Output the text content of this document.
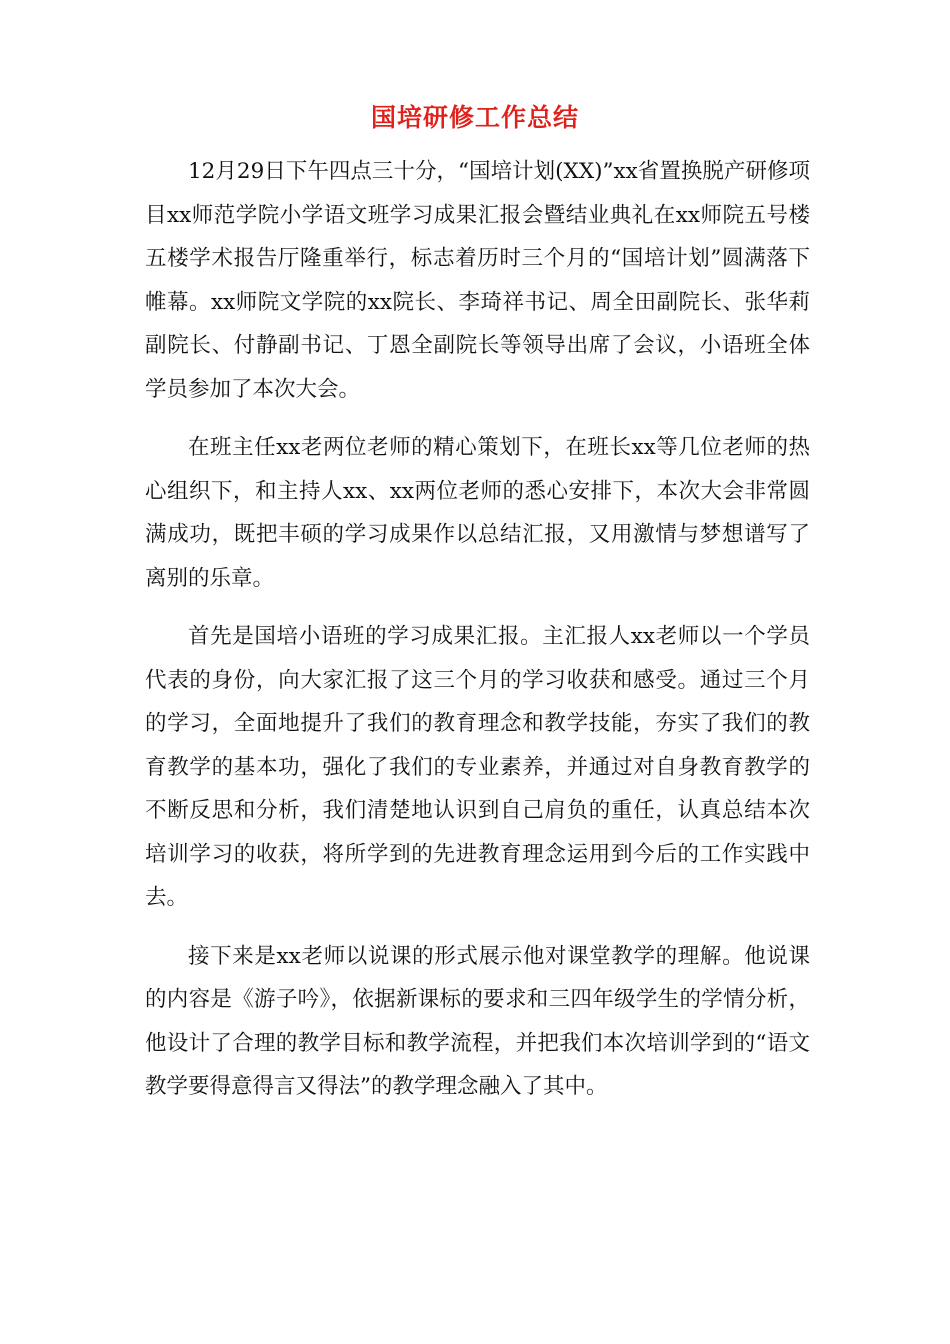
国培研修工作总结

12月29日下午四点三十分，“国培计划(XX)”xx省置换脱产研修项目xx师范学院小学语文班学习成果汇报会暨结业典礼在xx师院五号楼五楼学术报告厅隆重举行，标志着历时三个月的“国培计划”圆满落下帷幕。xx师院文学院的xx院长、李琦祥书记、周全田副院长、张华莉副院长、付静副书记、丁恩全副院长等领导出席了会议，小语班全体学员参加了本次大会。

在班主任xx老两位老师的精心策划下，在班长xx等几位老师的热心组织下，和主持人xx、xx两位老师的悉心安排下，本次大会非常圆满成功，既把丰硕的学习成果作以总结汇报，又用激情与梦想谱写了离别的乐章。

首先是国培小语班的学习成果汇报。主汇报人xx老师以一个学员代表的身份，向大家汇报了这三个月的学习收获和感受。通过三个月的学习，全面地提升了我们的教育理念和教学技能，夯实了我们的教育教学的基本功，强化了我们的专业素养，并通过对自身教育教学的不断反思和分析，我们清楚地认识到自己肩负的重任，认真总结本次培训学习的收获，将所学到的先进教育理念运用到今后的工作实践中去。

接下来是xx老师以说课的形式展示他对课堂教学的理解。他说课的内容是《游子吟》，依据新课标的要求和三四年级学生的学情分析，他设计了合理的教学目标和教学流程，并把我们本次培训学到的“语文教学要得意得言又得法”的教学理念融入了其中。
